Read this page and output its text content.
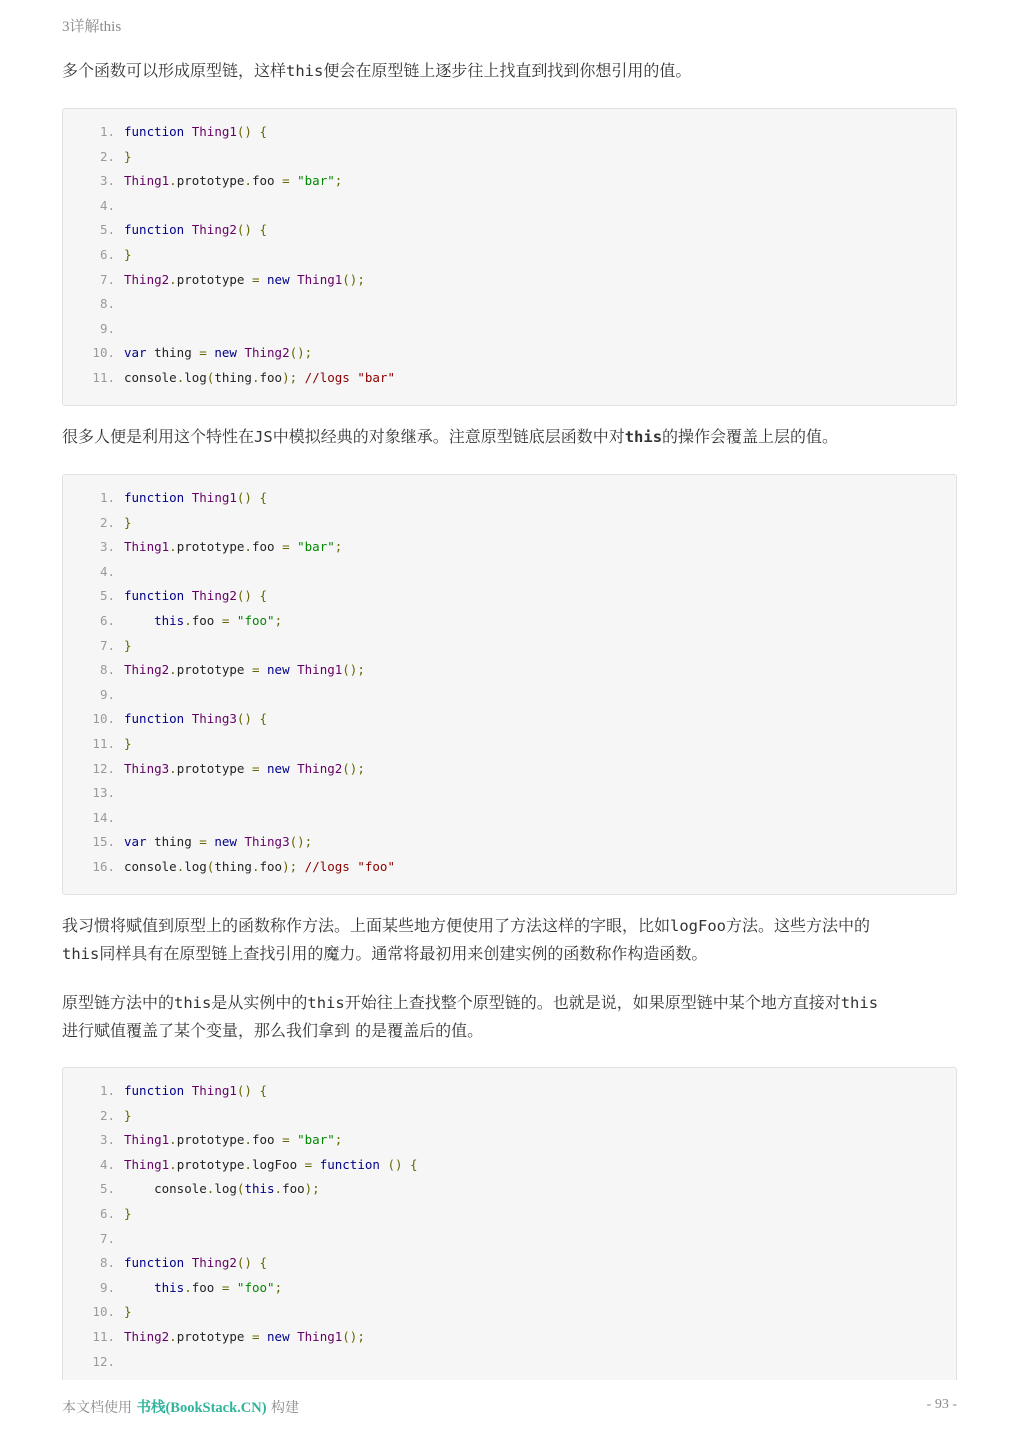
3详解this

多个函数可以形成原型链，这样this便会在原型链上逐步往上找直到找到你想引用的值。

1. function Thing1() {
2. }
3. Thing1.prototype.foo = "bar";
4.
5. function Thing2() {
6. }
7. Thing2.prototype = new Thing1();
8.
9.
10. var thing = new Thing2();
11. console.log(thing.foo); //logs "bar"

很多人便是利用这个特性在JS中模拟经典的对象继承。注意原型链底层函数中对this的操作会覆盖上层的值。

1. function Thing1() {
2. }
3. Thing1.prototype.foo = "bar";
4.
5. function Thing2() {
6.	this.foo = "foo";
7. }
8. Thing2.prototype = new Thing1();
9.
10. function Thing3() {
11. }
12. Thing3.prototype = new Thing2();
13.
14.
15. var thing = new Thing3();
16. console.log(thing.foo); //logs "foo"

我习惯将赋值到原型上的函数称作方法。上面某些地方便使用了方法这样的字眼，比如logFoo方法。这些方法中的
this同样具有在原型链上查找引用的魔力。通常将最初用来创建实例的函数称作构造函数。

原型链方法中的this是从实例中的this开始往上查找整个原型链的。也就是说，如果原型链中某个地方直接对this
进行赋值覆盖了某个变量，那么我们拿到 的是覆盖后的值。

1. function Thing1() {
2. }
3. Thing1.prototype.foo = "bar";
4. Thing1.prototype.logFoo = function () {
5. console.log(this.foo);
6. }
7.
8. function Thing2() {
9.	this.foo = "foo";
10. }
11. Thing2.prototype = new Thing1();
12.
本文档使用 书栈(BookStack.CN) 构建	- 93 -
